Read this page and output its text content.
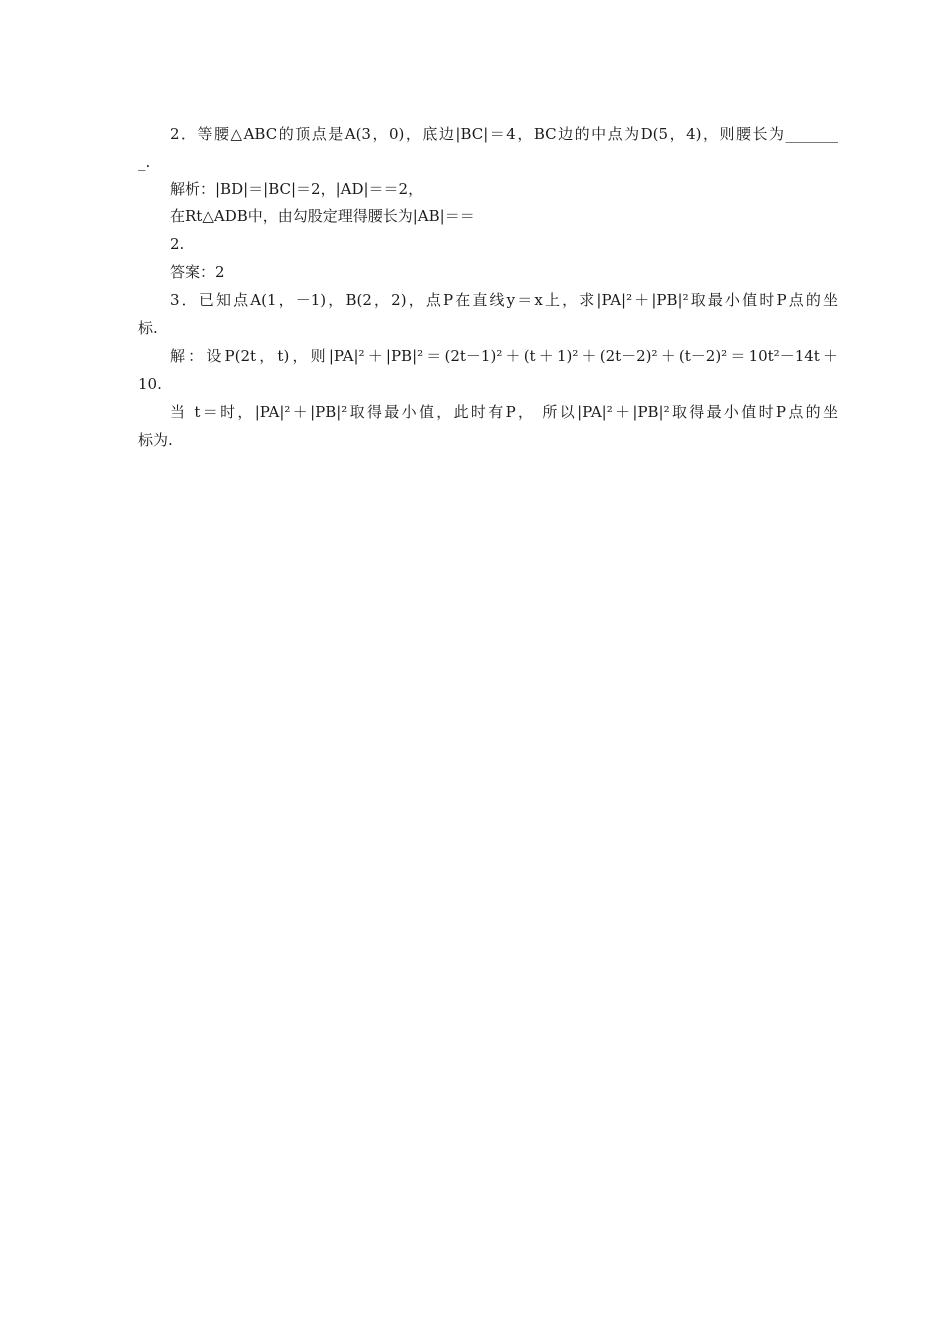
2．等腰△ABC的顶点是A(3，0)，底边|BC|＝4，BC边的中点为D(5，4)，则腰长为_______
_.
解析：|BD|＝|BC|＝2，|AD|＝＝2，
在Rt△ADB中，由勾股定理得腰长为|AB|＝＝
2.
答案：2
3．已知点A(1，－1)，B(2，2)，点P在直线y＝x上，求|PA|²＋|PB|²取最小值时P点的坐
标.
解：设P(2t，t)，则|PA|²＋|PB|²＝(2t－1)²＋(t＋1)²＋(2t－2)²＋(t－2)²＝10t²－14t＋
10.
当 t＝时，|PA|²＋|PB|²取得最小值，此时有P， 所以|PA|²＋|PB|²取得最小值时P点的坐
标为.
